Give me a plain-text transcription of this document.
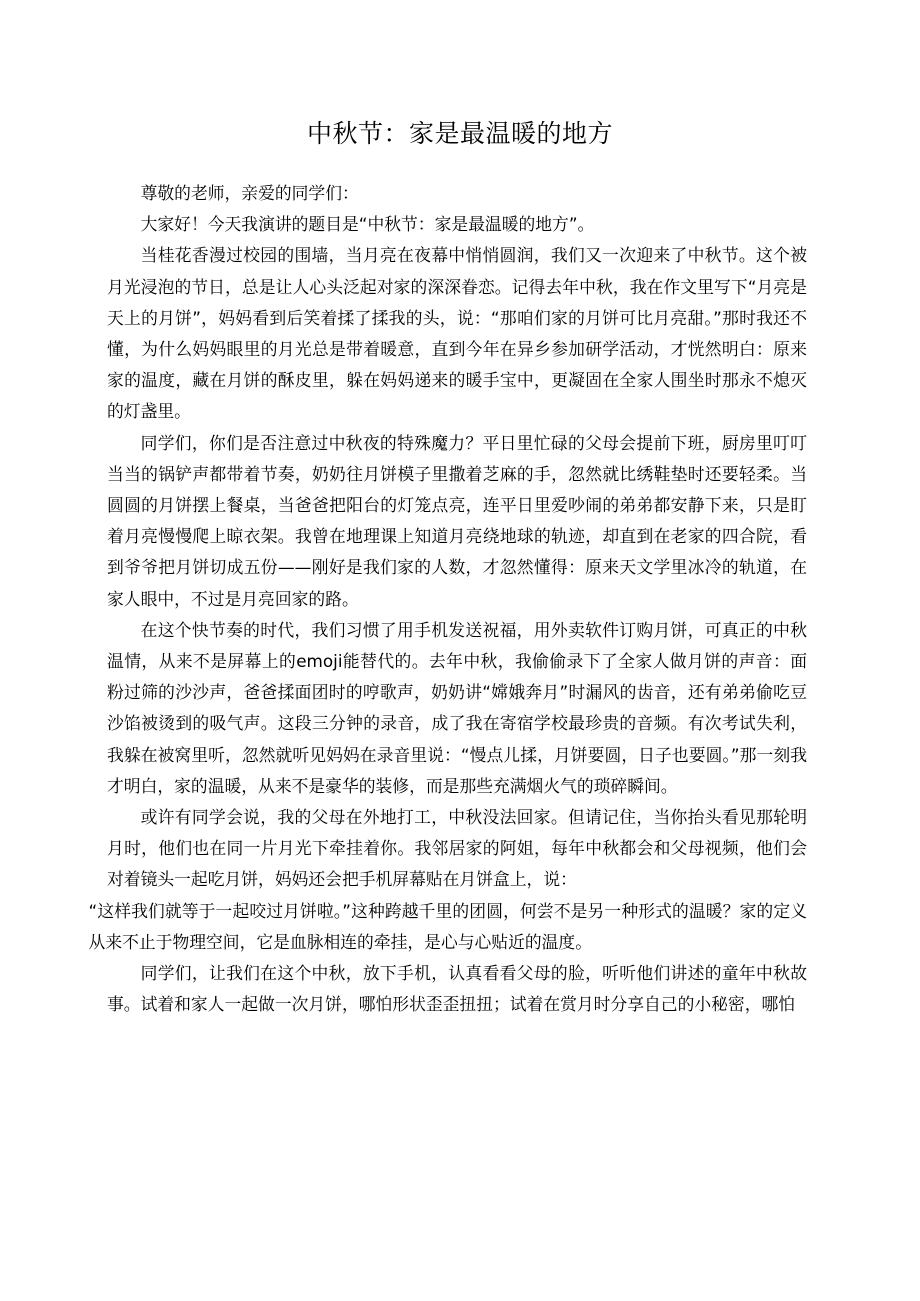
中秋节：家是最温暖的地方

尊敬的老师，亲爱的同学们：

大家好！今天我演讲的题目是“中秋节：家是最温暖的地方”。

当桂花香漫过校园的围墙，当月亮在夜幕中悄悄圆润，我们又一次迎来了中秋节。这个被月光浸泡的节日，总是让人心头泛起对家的深深眷恋。记得去年中秋，我在作文里写下“月亮是天上的月饼”，妈妈看到后笑着揉了揉我的头，说：“那咱们家的月饼可比月亮甜。”那时我还不懂，为什么妈妈眼里的月光总是带着暖意，直到今年在异乡参加研学活动，才恍然明白：原来家的温度，藏在月饼的酥皮里，躲在妈妈递来的暖手宝中，更凝固在全家人围坐时那永不熄灭的灯盏里。

同学们，你们是否注意过中秋夜的特殊魔力？平日里忙碌的父母会提前下班，厨房里叮叮当当的锅铲声都带着节奏，奶奶往月饼模子里撒着芝麻的手，忽然就比绣鞋垫时还要轻柔。当圆圆的月饼摆上餐桌，当爸爸把阳台的灯笼点亮，连平日里爱吵闹的弟弟都安静下来，只是盯着月亮慢慢爬上晾衣架。我曾在地理课上知道月亮绕地球的轨迹，却直到在老家的四合院，看到爷爷把月饼切成五份——刚好是我们家的人数，才忽然懂得：原来天文学里冰冷的轨道，在家人眼中，不过是月亮回家的路。

在这个快节奏的时代，我们习惯了用手机发送祝福，用外卖软件订购月饼，可真正的中秋温情，从来不是屏幕上的emoji能替代的。去年中秋，我偷偷录下了全家人做月饼的声音：面粉过筛的沙沙声，爸爸揉面团时的哼歌声，奶奶讲“嫦娥奔月”时漏风的齿音，还有弟弟偷吃豆沙馅被烫到的吸气声。这段三分钟的录音，成了我在寄宿学校最珍贵的音频。有次考试失利，我躲在被窝里听，忽然就听见妈妈在录音里说：“慢点儿揉，月饼要圆，日子也要圆。”那一刻我才明白，家的温暖，从来不是豪华的装修，而是那些充满烟火气的琐碎瞬间。

或许有同学会说，我的父母在外地打工，中秋没法回家。但请记住，当你抬头看见那轮明月时，他们也在同一片月光下牵挂着你。我邻居家的阿姐，每年中秋都会和父母视频，他们会对着镜头一起吃月饼，妈妈还会把手机屏幕贴在月饼盒上，说：

“这样我们就等于一起咬过月饼啦。”这种跨越千里的团圆，何尝不是另一种形式的温暖？家的定义从来不止于物理空间，它是血脉相连的牵挂，是心与心贴近的温度。

同学们，让我们在这个中秋，放下手机，认真看看父母的脸，听听他们讲述的童年中秋故事。试着和家人一起做一次月饼，哪怕形状歪歪扭扭；试着在赏月时分享自己的小秘密，哪怕
